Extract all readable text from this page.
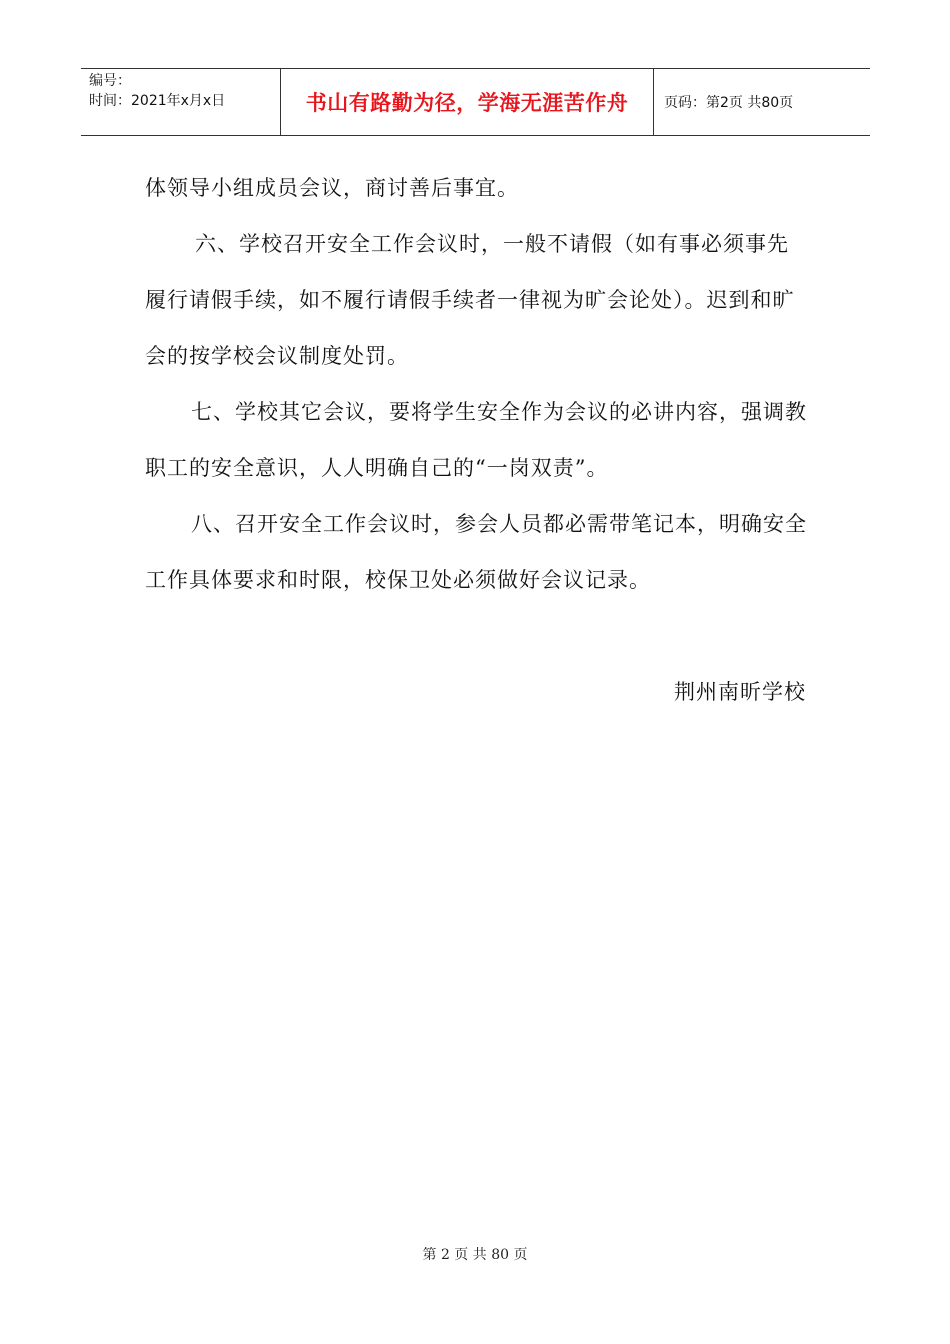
编号：
时间：2021年x月x日	书山有路勤为径，学海无涯苦作舟	页码：第2页 共80页

体领导小组成员会议，商讨善后事宜。

六、学校召开安全工作会议时，一般不请假（如有事必须事先履行请假手续，如不履行请假手续者一律视为旷会论处）。迟到和旷会的按学校会议制度处罚。

七、学校其它会议，要将学生安全作为会议的必讲内容，强调教职工的安全意识，人人明确自己的“一岗双责”。

八、召开安全工作会议时，参会人员都必需带笔记本，明确安全工作具体要求和时限，校保卫处必须做好会议记录。

荆州南昕学校
第 2 页 共 80 页
